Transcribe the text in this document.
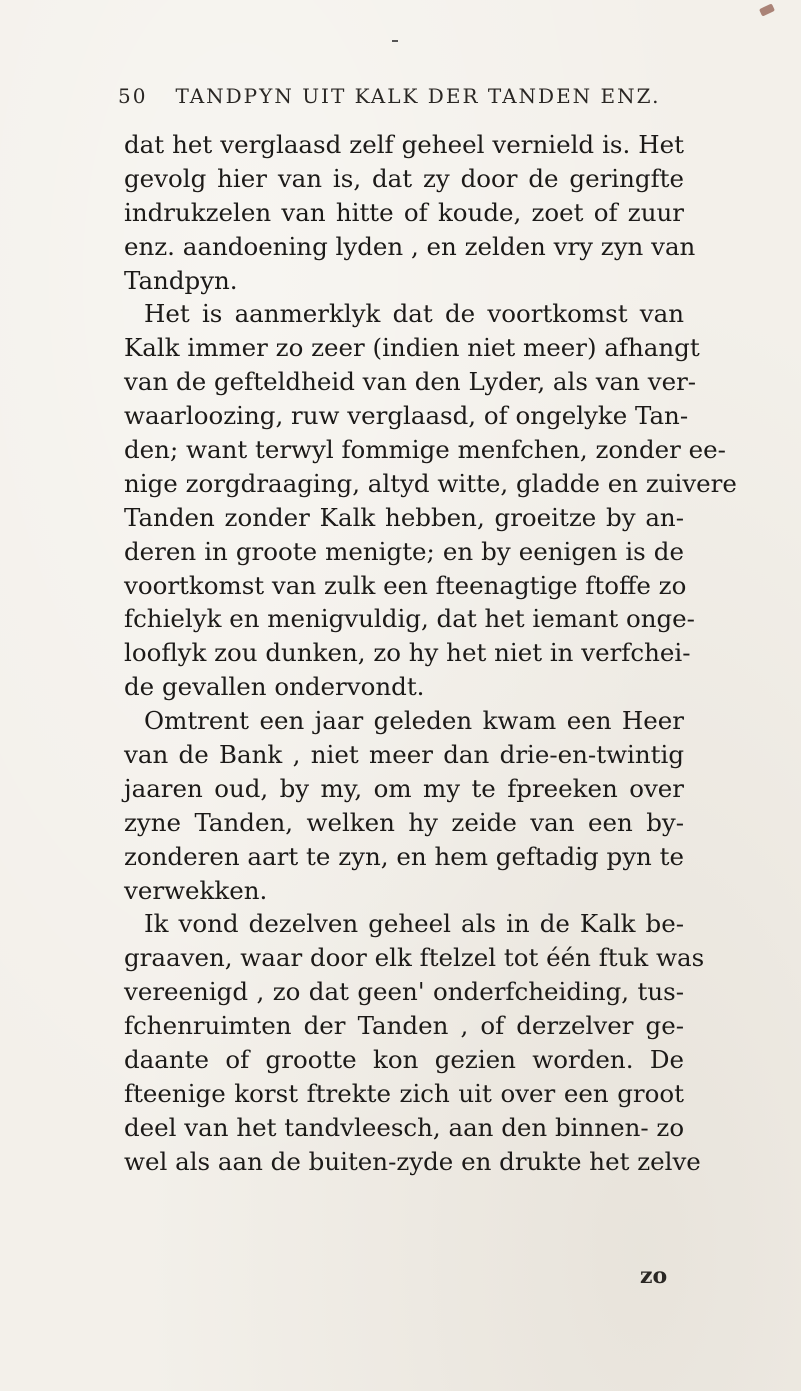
50 TANDPYN UIT KALK DER TANDEN ENZ.
dat het verglaasd zelf geheel vernield is. Het
gevolg hier van is, dat zy door de geringfte
indrukzelen van hitte of koude, zoet of zuur
enz. aandoening lyden , en zelden vry zyn van
Tandpyn.
Het is aanmerklyk dat de voortkomst van
Kalk immer zo zeer (indien niet meer) afhangt
van de gefteldheid van den Lyder, als van ver-
waarloozing, ruw verglaasd, of ongelyke Tan-
den; want terwyl fommige menfchen, zonder ee-
nige zorgdraaging, altyd witte, gladde en zuivere
Tanden zonder Kalk hebben, groeitze by an-
deren in groote menigte; en by eenigen is de
voortkomst van zulk een fteenagtige ftoffe zo
fchielyk en menigvuldig, dat het iemant onge-
looflyk zou dunken, zo hy het niet in verfchei-
de gevallen ondervondt.
Omtrent een jaar geleden kwam een Heer
van de Bank , niet meer dan drie-en-twintig
jaaren oud, by my, om my te fpreeken over
zyne Tanden, welken hy zeide van een by-
zonderen aart te zyn, en hem geftadig pyn te
verwekken.
Ik vond dezelven geheel als in de Kalk be-
graaven, waar door elk ftelzel tot één ftuk was
vereenigd , zo dat geen' onderfcheiding, tus-
fchenruimten der Tanden , of derzelver ge-
daante of grootte kon gezien worden. De
fteenige korst ftrekte zich uit over een groot
deel van het tandvleesch, aan den binnen- zo
wel als aan de buiten-zyde en drukte het zelve
zo
